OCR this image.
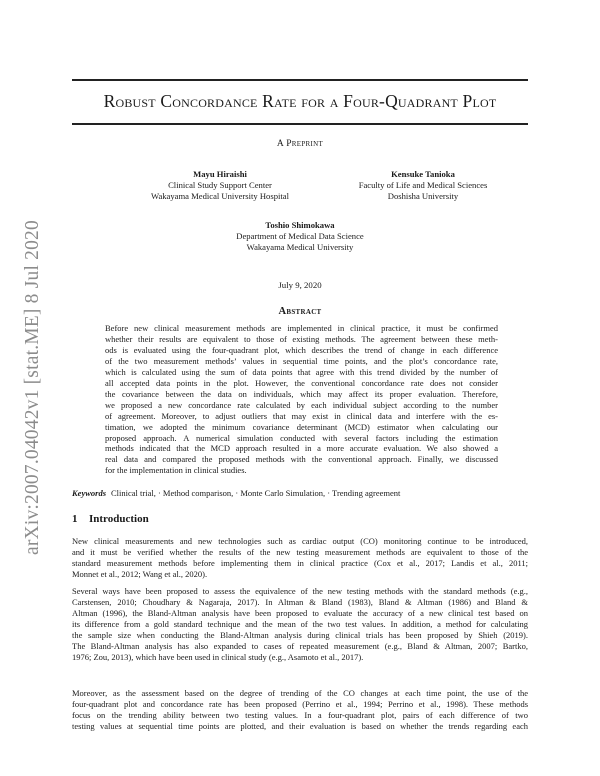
arXiv:2007.04042v1 [stat.ME] 8 Jul 2020
Robust Concordance Rate for a Four-Quadrant Plot
A Preprint
Mayu Hiraishi
Clinical Study Support Center
Wakayama Medical University Hospital
Kensuke Tanioka
Faculty of Life and Medical Sciences
Doshisha University
Toshio Shimokawa
Department of Medical Data Science
Wakayama Medical University
July 9, 2020
Abstract
Before new clinical measurement methods are implemented in clinical practice, it must be confirmed
whether their results are equivalent to those of existing methods. The agreement between these meth-
ods is evaluated using the four-quadrant plot, which describes the trend of change in each difference
of the two measurement methods’ values in sequential time points, and the plot’s concordance rate,
which is calculated using the sum of data points that agree with this trend divided by the number of
all accepted data points in the plot. However, the conventional concordance rate does not consider
the covariance between the data on individuals, which may affect its proper evaluation. Therefore,
we proposed a new concordance rate calculated by each individual subject according to the number
of agreement. Moreover, to adjust outliers that may exist in clinical data and interfere with the es-
timation, we adopted the minimum covariance determinant (MCD) estimator when calculating our
proposed approach. A numerical simulation conducted with several factors including the estimation
methods indicated that the MCD approach resulted in a more accurate evaluation. We also showed a
real data and compared the proposed methods with the conventional approach. Finally, we discussed
for the implementation in clinical studies.
Keywords Clinical trial, · Method comparison, · Monte Carlo Simulation, · Trending agreement
1 Introduction
New clinical measurements and new technologies such as cardiac output (CO) monitoring continue to be introduced,
and it must be verified whether the results of the new testing measurement methods are equivalent to those of the
standard measurement methods before implementing them in clinical practice (Cox et al., 2017; Landis et al., 2011;
Monnet et al., 2012; Wang et al., 2020).
Several ways have been proposed to assess the equivalence of the new testing methods with the standard methods (e.g.,
Carstensen, 2010; Choudhary & Nagaraja, 2017). In Altman & Bland (1983), Bland & Altman (1986) and Bland &
Altman (1996), the Bland-Altman analysis have been proposed to evaluate the accuracy of a new clinical test based on
its difference from a gold standard technique and the mean of the two test values. In addition, a method for calculating
the sample size when conducting the Bland-Altman analysis during clinical trials has been proposed by Shieh (2019).
The Bland-Altman analysis has also expanded to cases of repeated measurement (e.g., Bland & Altman, 2007; Bartko,
1976; Zou, 2013), which have been used in clinical study (e.g., Asamoto et al., 2017).
Moreover, as the assessment based on the degree of trending of the CO changes at each time point, the use of the
four-quadrant plot and concordance rate has been proposed (Perrino et al., 1994; Perrino et al., 1998). These methods
focus on the trending ability between two testing values. In a four-quadrant plot, pairs of each difference of two
testing values at sequential time points are plotted, and their evaluation is based on whether the trends regarding each
